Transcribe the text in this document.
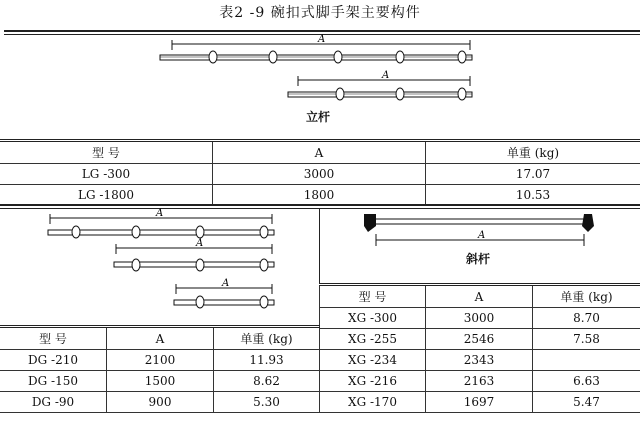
表2 -9 碗扣式脚手架主要构件
A
A
立杆
型 号	A	单重 (kg)
LG -300	3000	17.07
LG -1800	1800	10.53
A
A
A
A
斜杆
型 号	A	单重 (kg)
XG -300	3000	8.70
XG -255	2546	7.58
XG -234	2343	
XG -216	2163	6.63
XG -170	1697	5.47
型 号	A	单重 (kg)
DG -210	2100	11.93
DG -150	1500	8.62
DG -90	900	5.30
